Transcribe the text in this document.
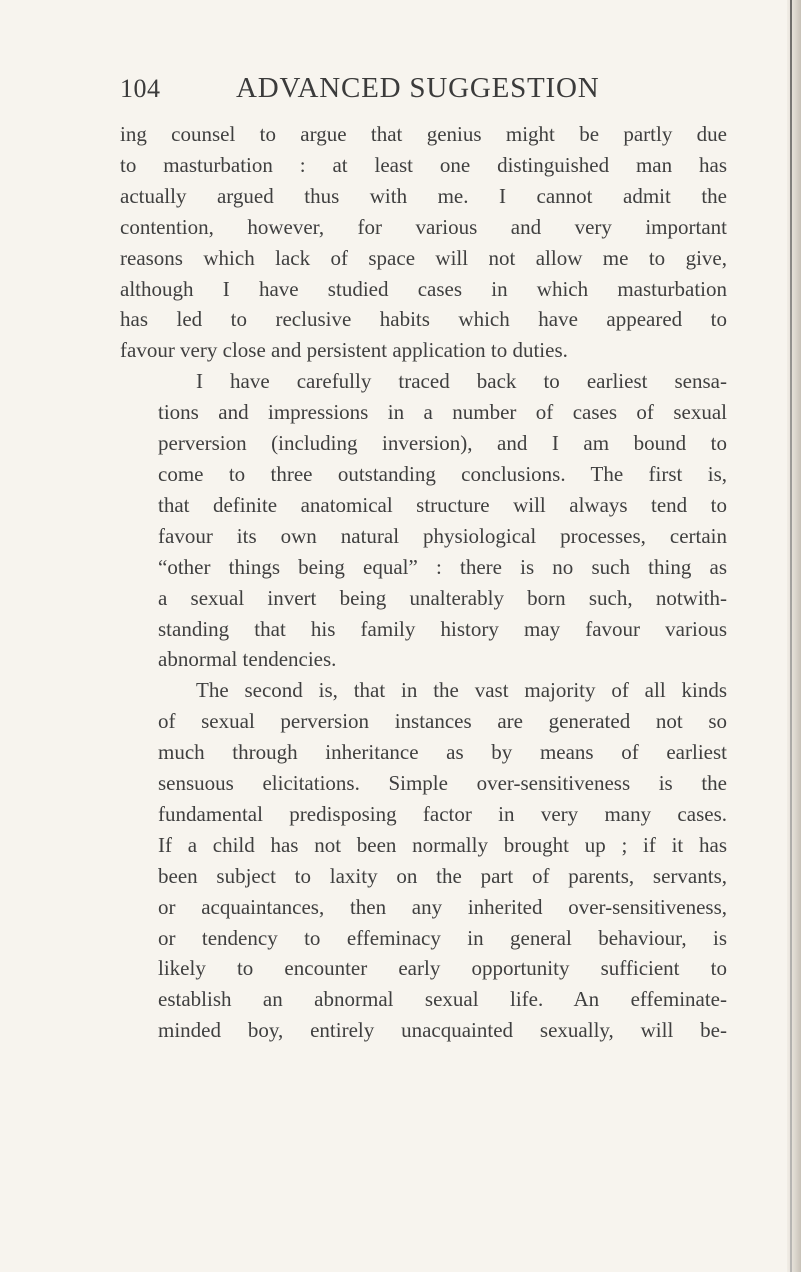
104	ADVANCED SUGGESTION

ing counsel to argue that genius might be partly due
to masturbation : at least one distinguished man has
actually argued thus with me. I cannot admit the
contention, however, for various and very important
reasons which lack of space will not allow me to give,
although I have studied cases in which masturbation
has led to reclusive habits which have appeared to
favour very close and persistent application to duties.

I have carefully traced back to earliest sensa-
tions and impressions in a number of cases of sexual
perversion (including inversion), and I am bound to
come to three outstanding conclusions. The first is,
that definite anatomical structure will always tend to
favour its own natural physiological processes, certain
“other things being equal” : there is no such thing as
a sexual invert being unalterably born such, notwith-
standing that his family history may favour various
abnormal tendencies.

The second is, that in the vast majority of all kinds
of sexual perversion instances are generated not so
much through inheritance as by means of earliest
sensuous elicitations. Simple over-sensitiveness is the
fundamental predisposing factor in very many cases.
If a child has not been normally brought up ; if it has
been subject to laxity on the part of parents, servants,
or acquaintances, then any inherited over-sensitiveness,
or tendency to effeminacy in general behaviour, is
likely to encounter early opportunity sufficient to
establish an abnormal sexual life. An effeminate-
minded boy, entirely unacquainted sexually, will be-
